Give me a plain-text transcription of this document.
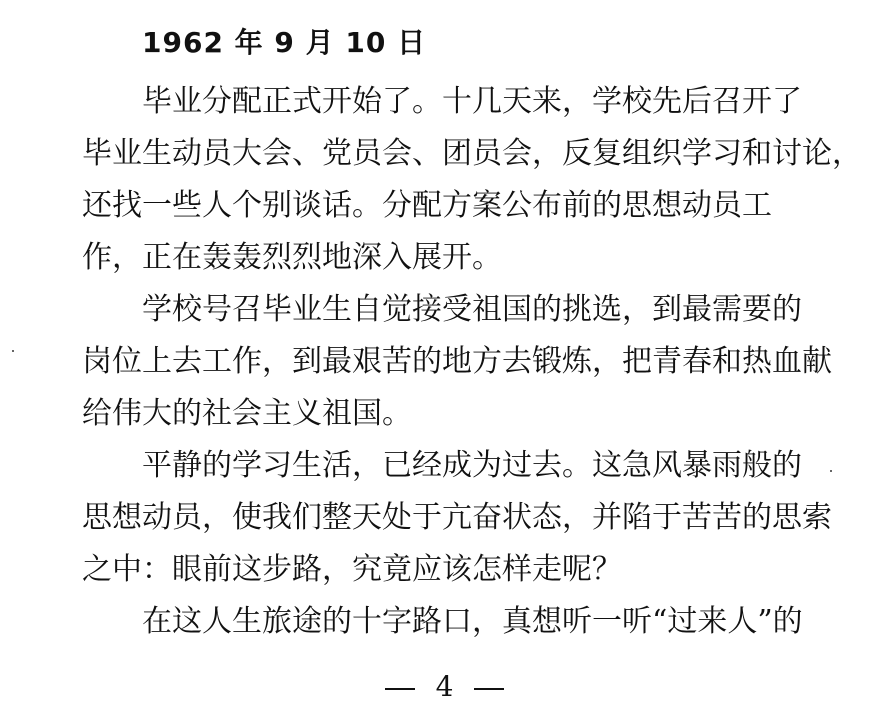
1962 年 9 月 10 日
毕业分配正式开始了。十几天来，学校先后召开了
毕业生动员大会、党员会、团员会，反复组织学习和讨论，
还找一些人个别谈话。分配方案公布前的思想动员工
作，正在轰轰烈烈地深入展开。
学校号召毕业生自觉接受祖国的挑选，到最需要的
岗位上去工作，到最艰苦的地方去锻炼，把青春和热血献
给伟大的社会主义祖国。
平静的学习生活，已经成为过去。这急风暴雨般的
思想动员，使我们整天处于亢奋状态，并陷于苦苦的思索
之中：眼前这步路，究竟应该怎样走呢？
在这人生旅途的十字路口，真想听一听“过来人”的
4
